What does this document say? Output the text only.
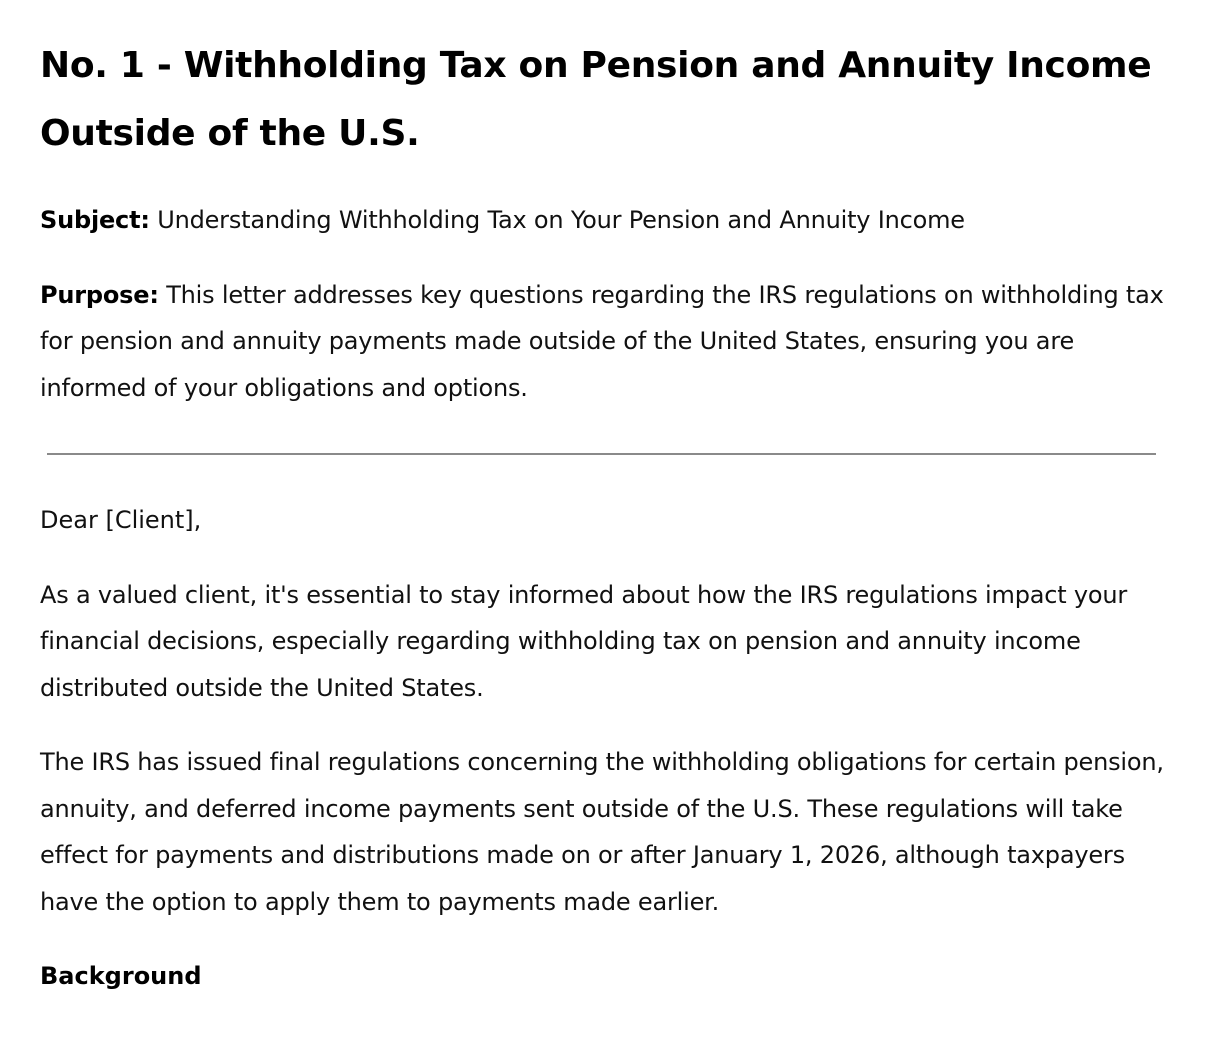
No. 1 - Withholding Tax on Pension and Annuity Income Outside of the U.S.

Subject: Understanding Withholding Tax on Your Pension and Annuity Income

Purpose: This letter addresses key questions regarding the IRS regulations on withholding tax for pension and annuity payments made outside of the United States, ensuring you are informed of your obligations and options.

Dear [Client],

As a valued client, it's essential to stay informed about how the IRS regulations impact your financial decisions, especially regarding withholding tax on pension and annuity income distributed outside the United States.

The IRS has issued final regulations concerning the withholding obligations for certain pension, annuity, and deferred income payments sent outside of the U.S. These regulations will take effect for payments and distributions made on or after January 1, 2026, although taxpayers have the option to apply them to payments made earlier.

Background
